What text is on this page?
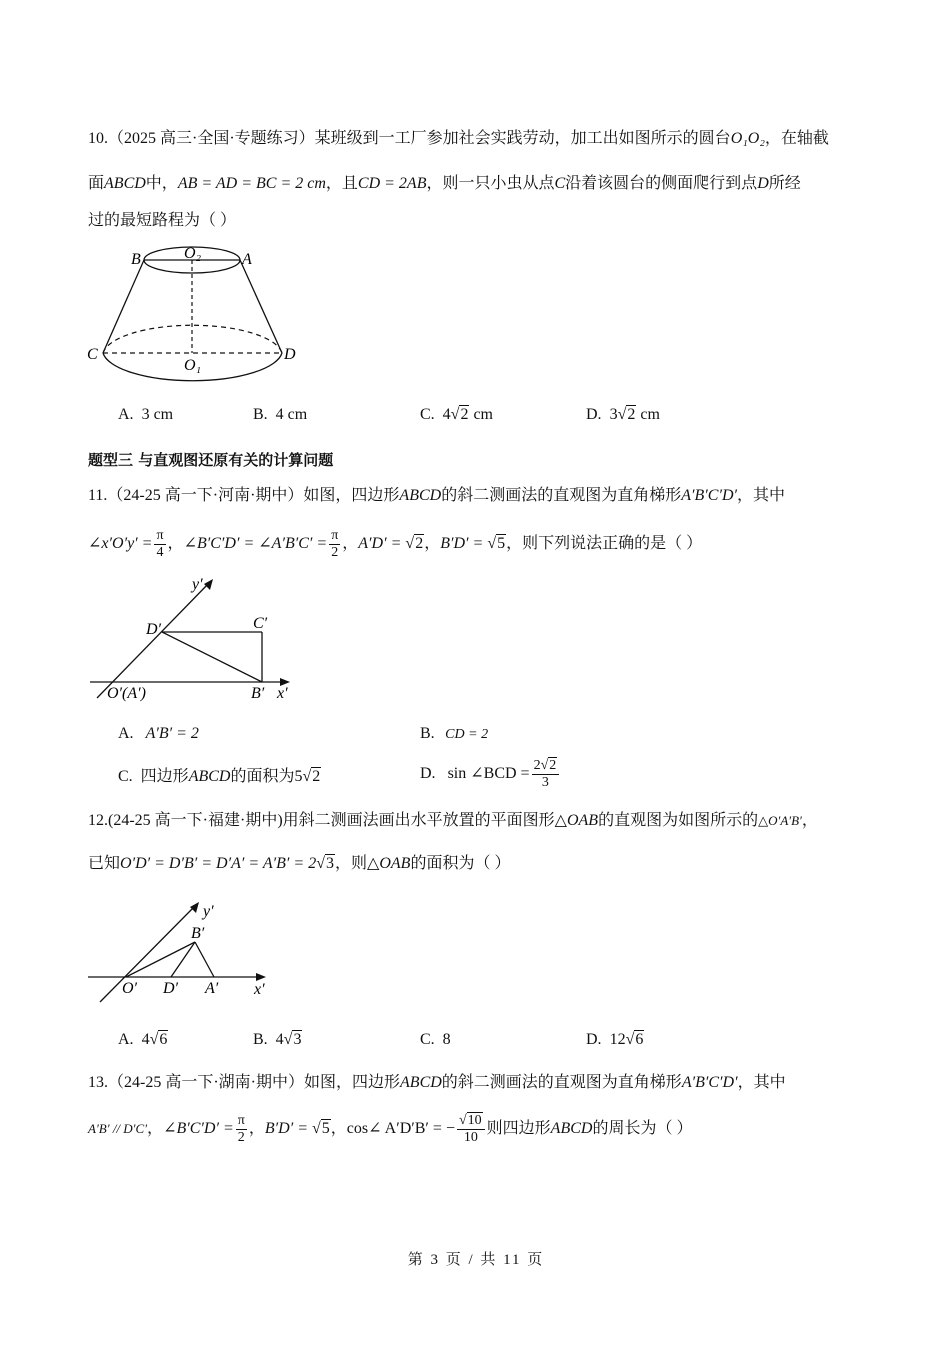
10.（2025 高三·全国·专题练习）某班级到一工厂参加社会实践劳动，加工出如图所示的圆台O₁O₂，在轴截
面ABCD中，AB = AD = BC = 2 cm，且CD = 2AB，则一只小虫从点C沿着该圆台的侧面爬行到点D所经
过的最短路程为（ ）
B	O₂	A
C	D
O₁
A. 3 cm	B. 4 cm	C. 4√2 cm	D. 3√2 cm
题型三 与直观图还原有关的计算问题
11.（24-25 高一下·河南·期中）如图，四边形ABCD的斜二测画法的直观图为直角梯形A′B′C′D′，其中
∠x′O′y′ = $\frac{\pi}{4}$ ，∠B′C′D′ = ∠A′B′C′ = $\frac{\pi}{2}$ ，A′D′ = √2，B′D′ = √5，则下列说法正确的是（ ）
y′
D′	C′
O′(A′)	B′ x′
A. A′B′ = 2	B. CD = 2
C. 四边形ABCD的面积为5√2	D. sin ∠BCD = $\frac{2√2}{3}$
12.(24-25 高一下·福建·期中)用斜二测画法画出水平放置的平面图形△OAB的直观图为如图所示的△O′A′B′，
已知O′D′ = D′B′ = D′A′ = A′B′ = 2√3，则△OAB的面积为（ ）
y′
B′
O′ D′ A′ x′
A. 4√6	B. 4√3	C. 8	D. 12√6
13.（24-25 高一下·湖南·期中）如图，四边形ABCD的斜二测画法的直观图为直角梯形A′B′C′D′，其中
A′B′ // D′C′，∠B′C′D′ = $\frac{\pi}{2}$ ，B′D′ = √5，cos∠ A′D′B′ = − $\frac{√10}{10}$ 则四边形ABCD的周长为（ ）
第 3 页 / 共 11 页
